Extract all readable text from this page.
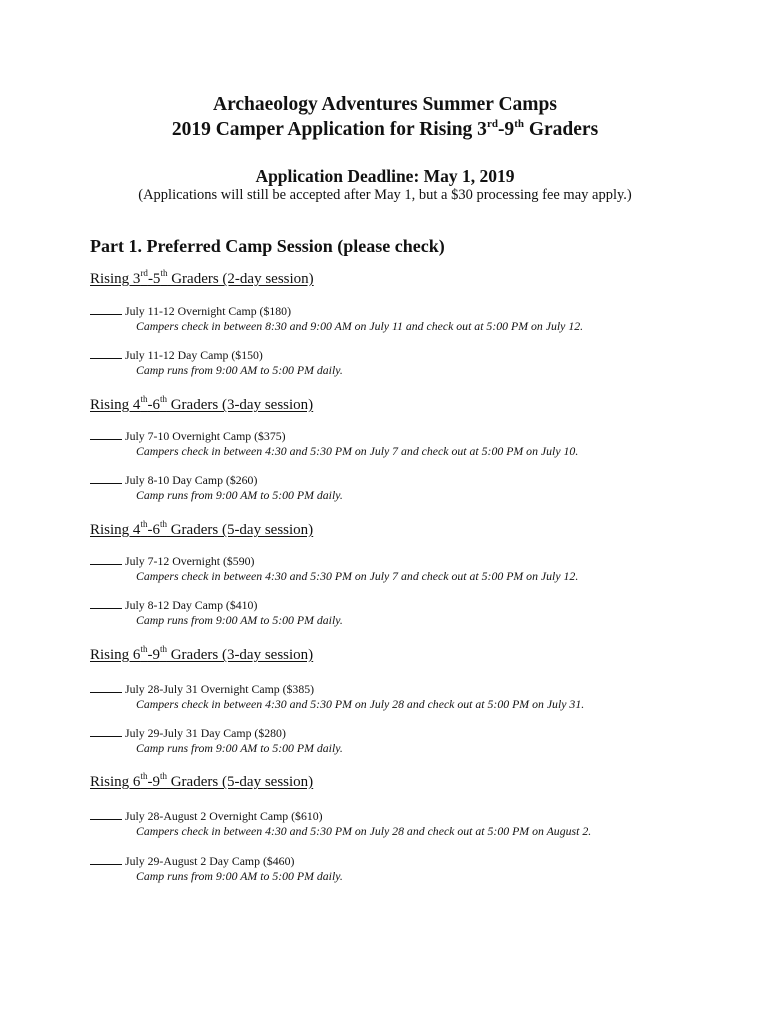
Archaeology Adventures Summer Camps
2019 Camper Application for Rising 3rd-9th Graders
Application Deadline: May 1, 2019
(Applications will still be accepted after May 1, but a $30 processing fee may apply.)
Part 1. Preferred Camp Session (please check)
Rising 3rd-5th Graders (2-day session)
July 11-12 Overnight Camp ($180)
Campers check in between 8:30 and 9:00 AM on July 11 and check out at 5:00 PM on July 12.
July 11-12 Day Camp ($150)
Camp runs from 9:00 AM to 5:00 PM daily.
Rising 4th-6th Graders (3-day session)
July 7-10 Overnight Camp ($375)
Campers check in between 4:30 and 5:30 PM on July 7 and check out at 5:00 PM on July 10.
July 8-10 Day Camp ($260)
Camp runs from 9:00 AM to 5:00 PM daily.
Rising 4th-6th Graders (5-day session)
July 7-12 Overnight ($590)
Campers check in between 4:30 and 5:30 PM on July 7 and check out at 5:00 PM on July 12.
July 8-12 Day Camp ($410)
Camp runs from 9:00 AM to 5:00 PM daily.
Rising 6th-9th Graders (3-day session)
July 28-July 31 Overnight Camp ($385)
Campers check in between 4:30 and 5:30 PM on July 28 and check out at 5:00 PM on July 31.
July 29-July 31 Day Camp ($280)
Camp runs from 9:00 AM to 5:00 PM daily.
Rising 6th-9th Graders (5-day session)
July 28-August 2 Overnight Camp ($610)
Campers check in between 4:30 and 5:30 PM on July 28 and check out at 5:00 PM on August 2.
July 29-August 2 Day Camp ($460)
Camp runs from 9:00 AM to 5:00 PM daily.
